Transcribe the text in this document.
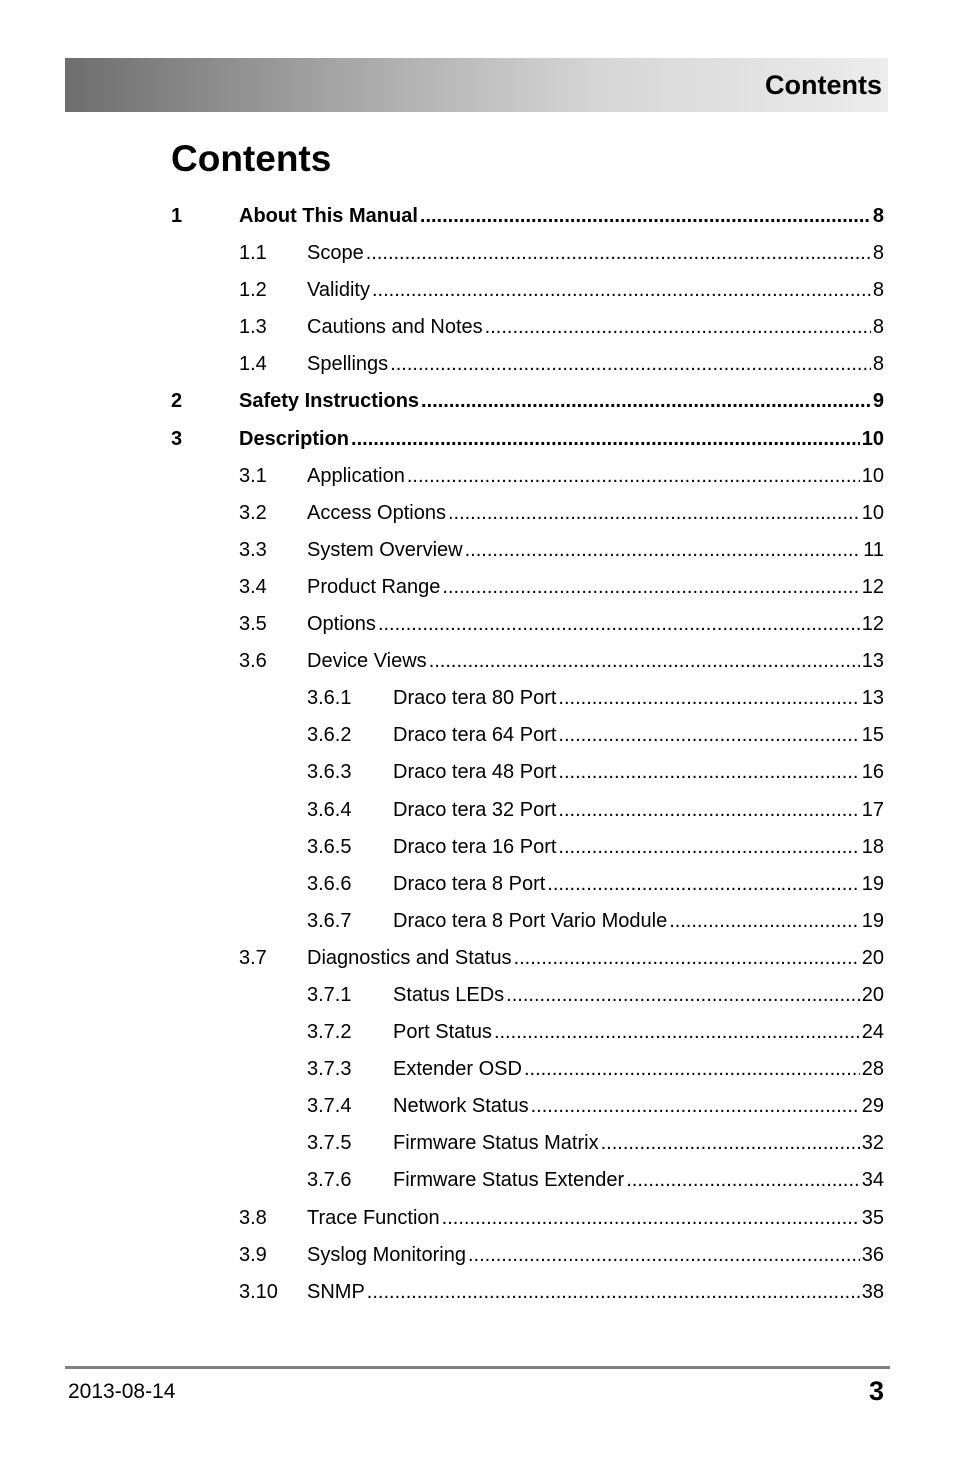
Contents
Contents
1	About This Manual .....	8
1.1	Scope .....	8
1.2	Validity .....	8
1.3	Cautions and Notes .....	8
1.4	Spellings .....	8
2	Safety Instructions .....	9
3	Description .....	10
3.1	Application .....	10
3.2	Access Options .....	10
3.3	System Overview .....	11
3.4	Product Range .....	12
3.5	Options .....	12
3.6	Device Views .....	13
3.6.1	Draco tera 80 Port .....	13
3.6.2	Draco tera 64 Port .....	15
3.6.3	Draco tera 48 Port .....	16
3.6.4	Draco tera 32 Port .....	17
3.6.5	Draco tera 16 Port .....	18
3.6.6	Draco tera 8 Port .....	19
3.6.7	Draco tera 8 Port Vario Module .....	19
3.7	Diagnostics and Status .....	20
3.7.1	Status LEDs .....	20
3.7.2	Port Status .....	24
3.7.3	Extender OSD .....	28
3.7.4	Network Status .....	29
3.7.5	Firmware Status Matrix .....	32
3.7.6	Firmware Status Extender .....	34
3.8	Trace Function .....	35
3.9	Syslog Monitoring .....	36
3.10	SNMP .....	38
2013-08-14	3
